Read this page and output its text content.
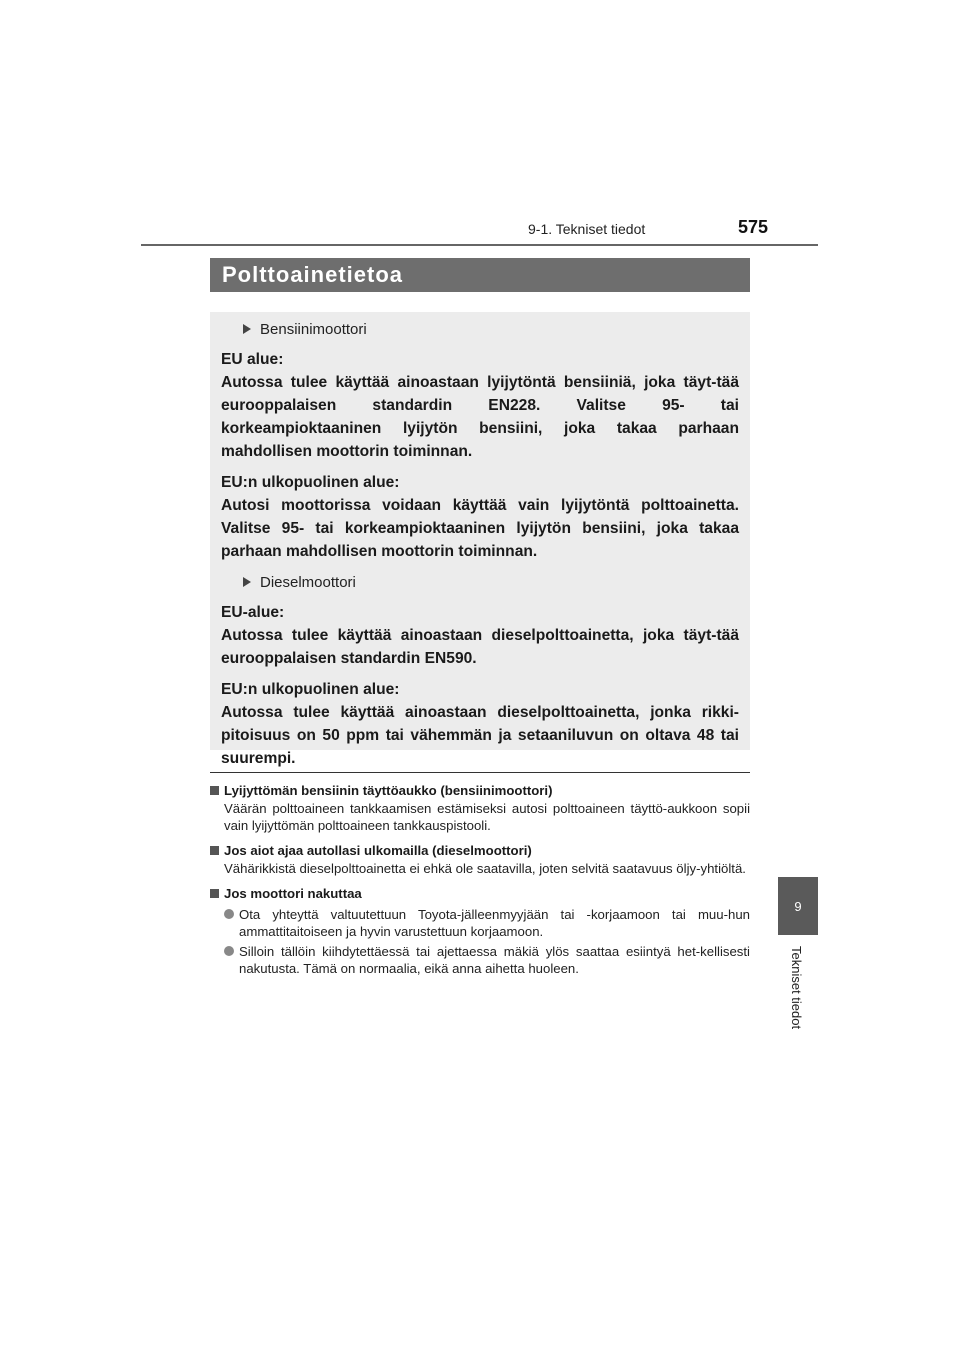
9-1. Tekniset tiedot	575
9
Tekniset tiedot
Polttoainetietoa
Bensiinimoottori
EU alue:
Autossa tulee käyttää ainoastaan lyijytöntä bensiiniä, joka täyt-tää eurooppalaisen standardin EN228. Valitse 95- tai korkeampioktaaninen lyijytön bensiini, joka takaa parhaan mahdollisen moottorin toiminnan.
EU:n ulkopuolinen alue:
Autosi moottorissa voidaan käyttää vain lyijytöntä polttoainetta. Valitse 95- tai korkeampioktaaninen lyijytön bensiini, joka takaa parhaan mahdollisen moottorin toiminnan.
Dieselmoottori
EU-alue:
Autossa tulee käyttää ainoastaan dieselpolttoainetta, joka täyt-tää eurooppalaisen standardin EN590.
EU:n ulkopuolinen alue:
Autossa tulee käyttää ainoastaan dieselpolttoainetta, jonka rikki-pitoisuus on 50 ppm tai vähemmän ja setaaniluvun on oltava 48 tai suurempi.
Lyijyttömän bensiinin täyttöaukko (bensiinimoottori)
Väärän polttoaineen tankkaamisen estämiseksi autosi polttoaineen täyttö-aukkoon sopii vain lyijyttömän polttoaineen tankkauspistooli.
Jos aiot ajaa autollasi ulkomailla (dieselmoottori)
Vähärikkistä dieselpolttoainetta ei ehkä ole saatavilla, joten selvitä saatavuus öljy-yhtiöltä.
Jos moottori nakuttaa
Ota yhteyttä valtuutettuun Toyota-jälleenmyyjään tai -korjaamoon tai muu-hun ammattitaitoiseen ja hyvin varustettuun korjaamoon.
Silloin tällöin kiihdytettäessä tai ajettaessa mäkiä ylös saattaa esiintyä het-kellisesti nakutusta. Tämä on normaalia, eikä anna aihetta huoleen.
